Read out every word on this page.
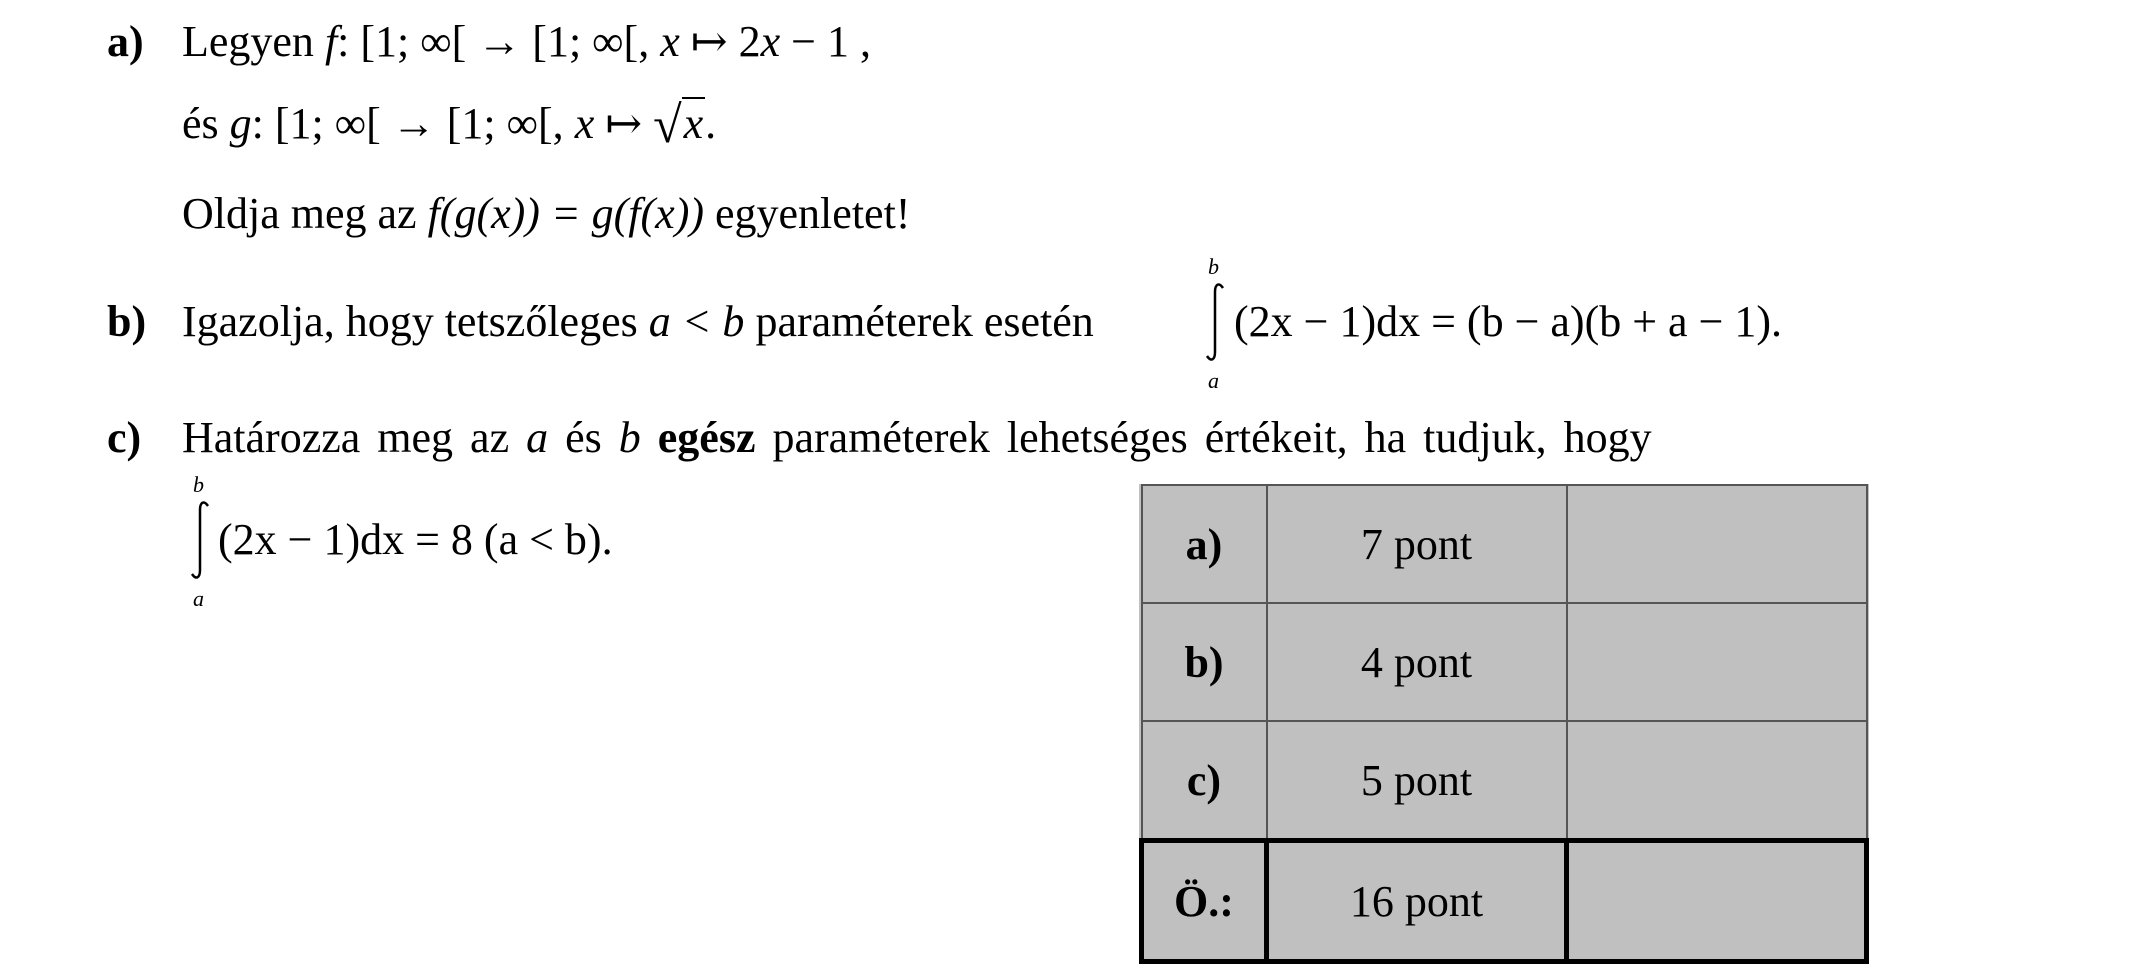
a) Legyen f: [1; ∞[ → [1; ∞[, x ↦ 2x − 1 ,
és g: [1; ∞[ → [1; ∞[, x ↦ √x.
Oldja meg az f(g(x)) = g(f(x)) egyenletet!
b) Igazolja, hogy tetszőleges a < b paraméterek esetén
b
a
(2x − 1)dx = (b − a)(b + a − 1).
c) Határozza meg az a és b egész paraméterek lehetséges értékeit, ha tudjuk, hogy
b
a
(2x − 1)dx = 8 (a < b).	a)	7 pont	
b)	4 pont	
c)	5 pont	
Ö.:	16 pont	
